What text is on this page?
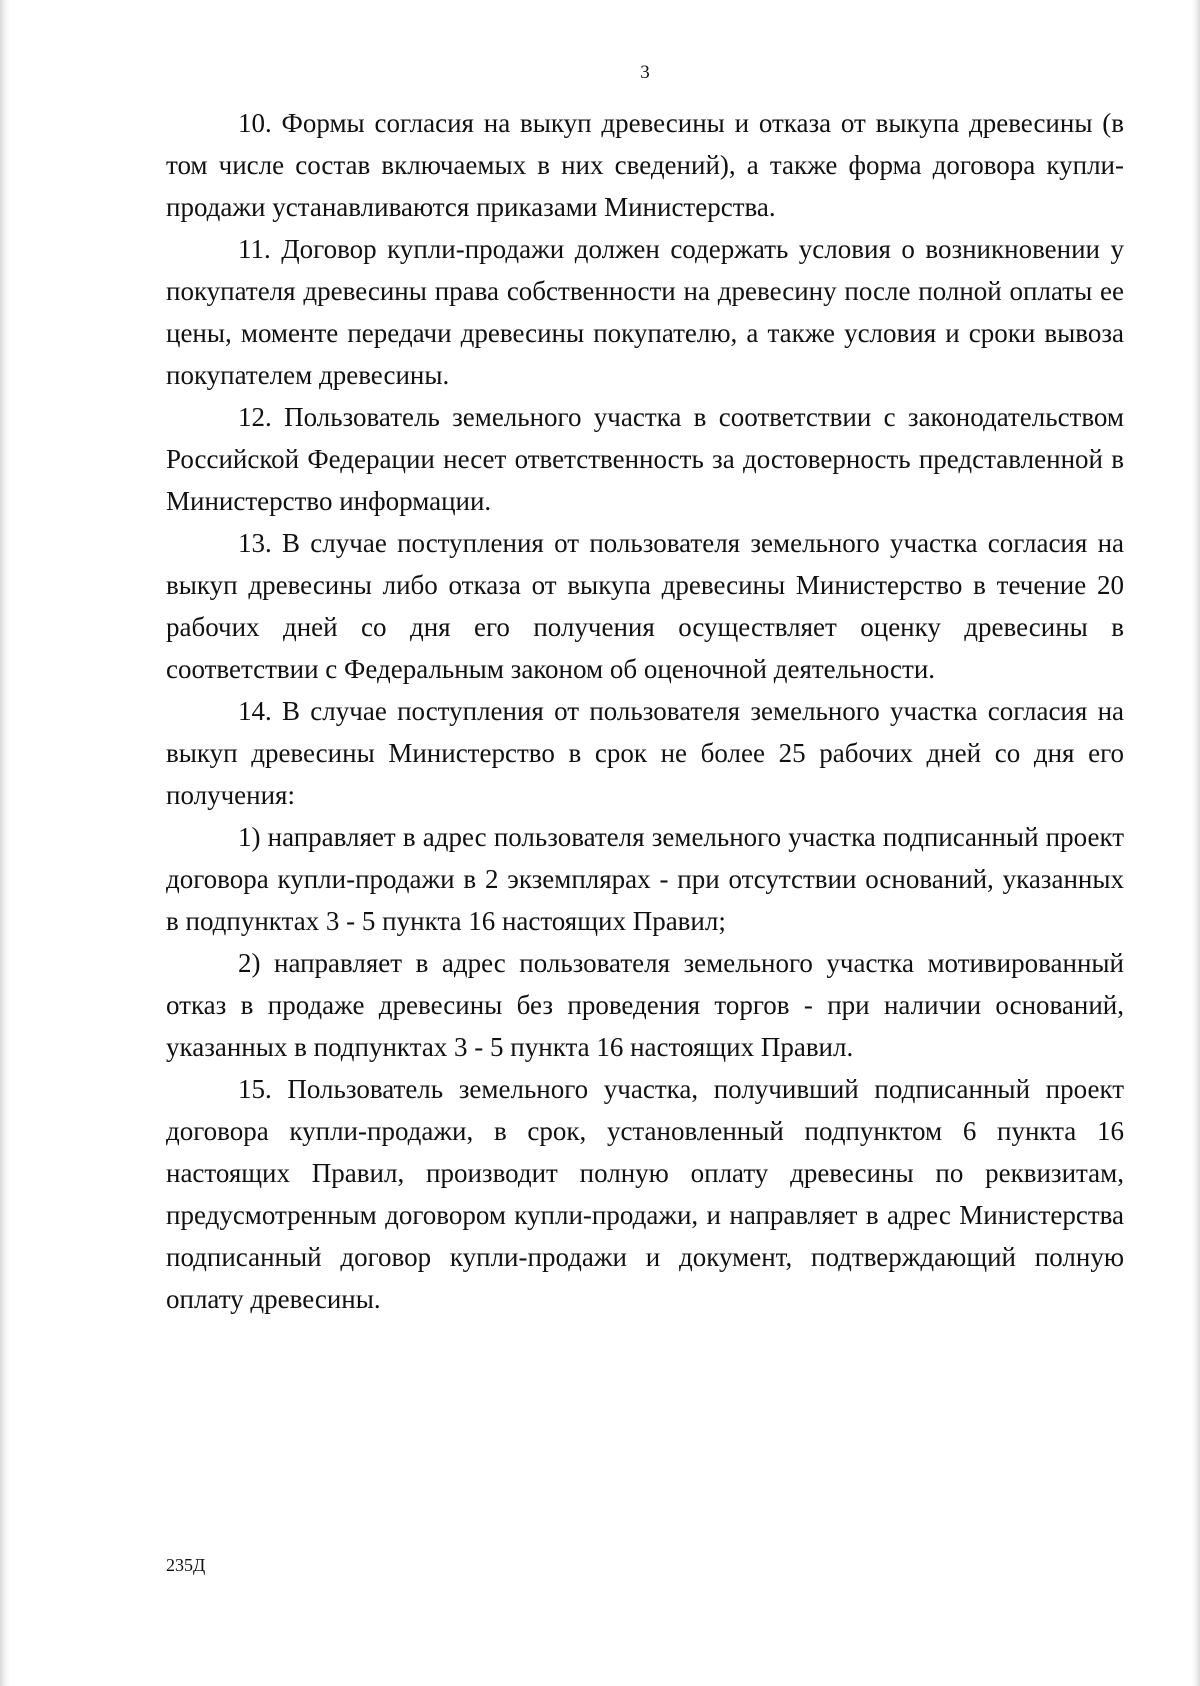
3

10. Формы согласия на выкуп древесины и отказа от выкупа древесины (в том числе состав включаемых в них сведений), а также форма договора купли-продажи устанавливаются приказами Министерства.

11. Договор купли-продажи должен содержать условия о возникновении у покупателя древесины права собственности на древесину после полной оплаты ее цены, моменте передачи древесины покупателю, а также условия и сроки вывоза покупателем древесины.

12. Пользователь земельного участка в соответствии с законодательством Российской Федерации несет ответственность за достоверность представленной в Министерство информации.

13. В случае поступления от пользователя земельного участка согласия на выкуп древесины либо отказа от выкупа древесины Министерство в течение 20 рабочих дней со дня его получения осуществляет оценку древесины в соответствии с Федеральным законом об оценочной деятельности.

14. В случае поступления от пользователя земельного участка согласия на выкуп древесины Министерство в срок не более 25 рабочих дней со дня его получения:

1) направляет в адрес пользователя земельного участка подписанный проект договора купли-продажи в 2 экземплярах - при отсутствии оснований, указанных в подпунктах 3 - 5 пункта 16 настоящих Правил;

2) направляет в адрес пользователя земельного участка мотивированный отказ в продаже древесины без проведения торгов - при наличии оснований, указанных в подпунктах 3 - 5 пункта 16 настоящих Правил.

15. Пользователь земельного участка, получивший подписанный проект договора купли-продажи, в срок, установленный подпунктом 6 пункта 16 настоящих Правил, производит полную оплату древесины по реквизитам, предусмотренным договором купли-продажи, и направляет в адрес Министерства подписанный договор купли-продажи и документ, подтверждающий полную оплату древесины.

235Д
